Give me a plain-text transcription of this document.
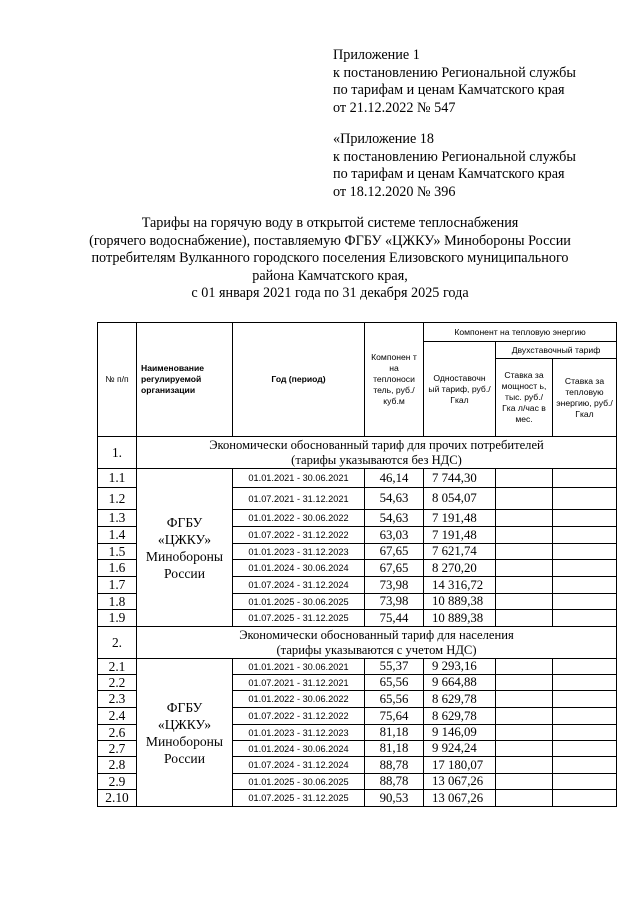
Приложение 1
к постановлению Региональной службы
по тарифам и ценам Камчатского края
от 21.12.2022 № 547
«Приложение 18
к постановлению Региональной службы
по тарифам и ценам Камчатского края
от 18.12.2020 № 396
Тарифы на горячую воду в открытой системе теплоснабжения
(горячего водоснабжение), поставляемую ФГБУ «ЦЖКУ» Минобороны России
потребителям Вулканного городского поселения Елизовского муниципального
района Камчатского края,
с 01 января 2021 года по 31 декабря 2025 года
№ п/п	Наименование регулируемой организации	Год (период)	Компонен т на теплоноси тель, руб./куб.м	Компонент на тепловую энергию		
				Одноставочн ый тариф, руб./Гкал	Двухставочный тариф	
					Ставка за мощност ь, тыс. руб./Гка л/час в мес.	Ставка за тепловую энергию, руб./Гкал
1.	Экономически обоснованный тариф для прочих потребителей
(тарифы указываются без НДС)					

1.1	ФГБУ
«ЦЖКУ»
Минобороны
России	01.01.2021 - 30.06.2021	46,14	7 744,30		
1.2		01.07.2021 - 31.12.2021	54,63	8 054,07		
1.3		01.01.2022 - 30.06.2022	54,63	7 191,48		
1.4		01.07.2022 - 31.12.2022	63,03	7 191,48		
1.5		01.01.2023 - 31.12.2023	67,65	7 621,74		
1.6		01.01.2024 - 30.06.2024	67,65	8 270,20		
1.7		01.07.2024 - 31.12.2024	73,98	14 316,72		
1.8		01.01.2025 - 30.06.2025	73,98	10 889,38		
1.9		01.07.2025 - 31.12.2025	75,44	10 889,38		
2.	Экономически обоснованный тариф для населения
(тарифы указываются с учетом НДС)					

2.1	ФГБУ
«ЦЖКУ»
Минобороны
России	01.01.2021 - 30.06.2021	55,37	9 293,16		
2.2		01.07.2021 - 31.12.2021	65,56	9 664,88		
2.3		01.01.2022 - 30.06.2022	65,56	8 629,78		
2.4		01.07.2022 - 31.12.2022	75,64	8 629,78		
2.6		01.01.2023 - 31.12.2023	81,18	9 146,09		
2.7		01.01.2024 - 30.06.2024	81,18	9 924,24		
2.8		01.07.2024 - 31.12.2024	88,78	17 180,07		
2.9		01.01.2025 - 30.06.2025	88,78	13 067,26		
2.10		01.07.2025 - 31.12.2025	90,53	13 067,26		
